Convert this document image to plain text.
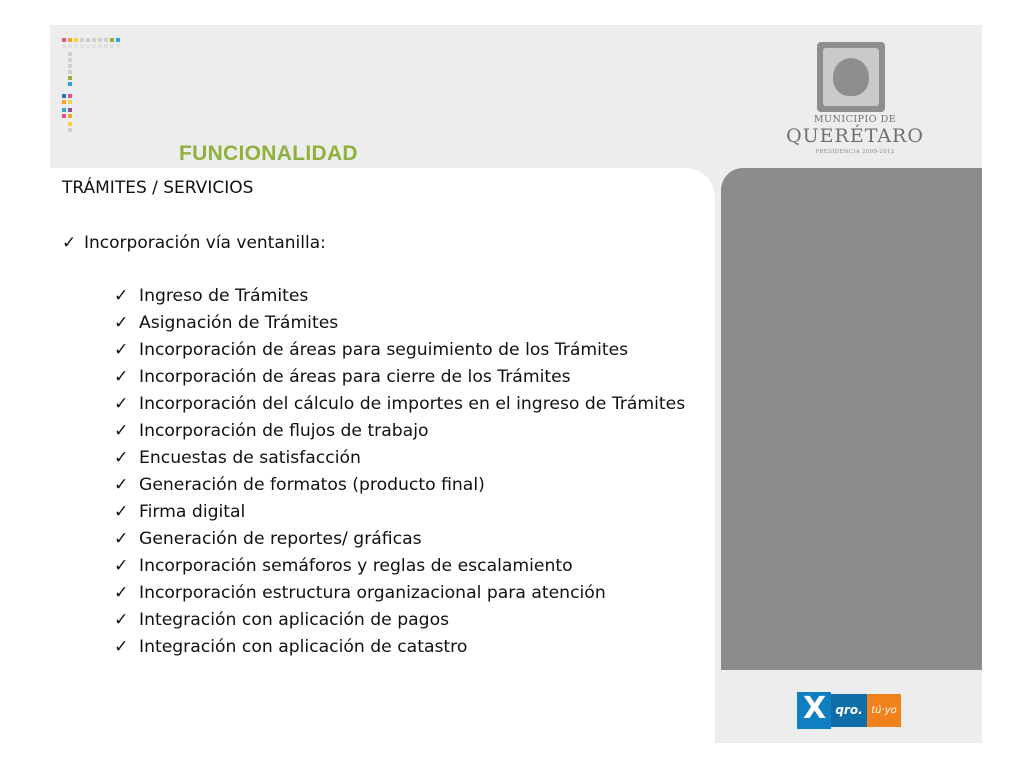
MUNICIPIO DE
QUERÉTARO
PRESIDENCIA 2009-2012
FUNCIONALIDAD
TRÁMITES / SERVICIOS
✓ Incorporación vía ventanilla:
✓ Ingreso de Trámites
✓ Asignación de Trámites
✓ Incorporación de áreas para seguimiento de los Trámites
✓ Incorporación de áreas para cierre de los Trámites
✓ Incorporación del cálculo de importes en el ingreso de Trámites
✓ Incorporación de flujos de trabajo
✓ Encuestas de satisfacción
✓ Generación de formatos (producto final)
✓ Firma digital
✓ Generación de reportes/ gráficas
✓ Incorporación semáforos y reglas de escalamiento
✓ Incorporación estructura organizacional para atención
✓ Integración con aplicación de pagos
✓ Integración con aplicación de catastro
X qro. tú·yo
